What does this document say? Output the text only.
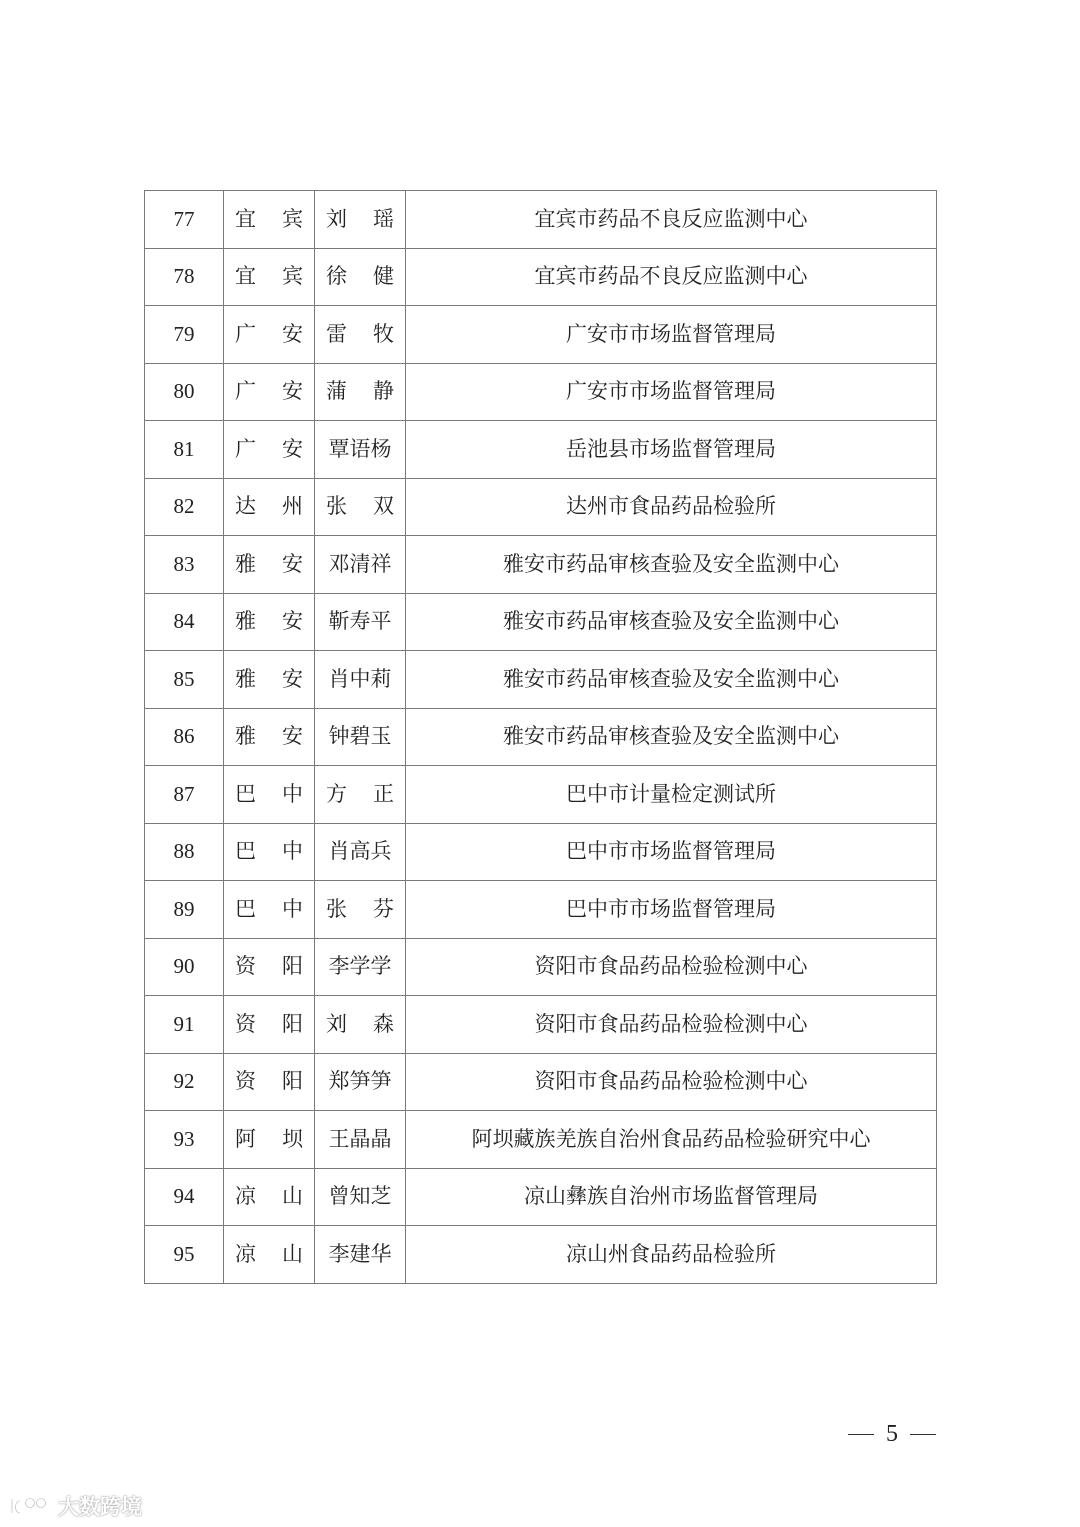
77	宜 宾	刘 瑶	宜宾市药品不良反应监测中心
78	宜 宾	徐 健	宜宾市药品不良反应监测中心
79	广 安	雷 牧	广安市市场监督管理局
80	广 安	蒲 静	广安市市场监督管理局
81	广 安	覃语杨	岳池县市场监督管理局
82	达 州	张 双	达州市食品药品检验所
83	雅 安	邓清祥	雅安市药品审核查验及安全监测中心
84	雅 安	靳寿平	雅安市药品审核查验及安全监测中心
85	雅 安	肖中莉	雅安市药品审核查验及安全监测中心
86	雅 安	钟碧玉	雅安市药品审核查验及安全监测中心
87	巴 中	方 正	巴中市计量检定测试所
88	巴 中	肖高兵	巴中市市场监督管理局
89	巴 中	张 芬	巴中市市场监督管理局
90	资 阳	李学学	资阳市食品药品检验检测中心
91	资 阳	刘 森	资阳市食品药品检验检测中心
92	资 阳	郑笋笋	资阳市食品药品检验检测中心
93	阿 坝	王晶晶	阿坝藏族羌族自治州食品药品检验研究中心
94	凉 山	曾知芝	凉山彝族自治州市场监督管理局
95	凉 山	李建华	凉山州食品药品检验所
5
大数跨境
